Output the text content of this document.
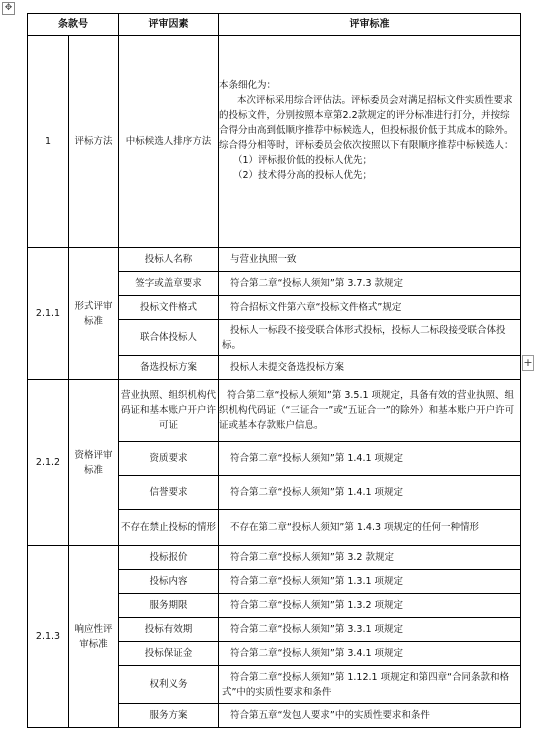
✥
+
条款号		评审因素	评审标准
1	评标方法	中标候选人排序方法	本条细化为：
本次评标采用综合评估法。评标委员会对满足招标文件实质性要求的投标文件，分别按照本章第2.2款规定的评分标准进行打分，并按综合得分由高到低顺序推荐中标候选人，但投标报价低于其成本的除外。综合得分相等时，评标委员会依次按照以下有限顺序推荐中标候选人：
（1）评标报价低的投标人优先；
（2）技术得分高的投标人优先；

2.1.1	形式评审标准	投标人名称	与营业执照一致
		签字或盖章要求	符合第二章“投标人须知”第 3.7.3 款规定
		投标文件格式	符合招标文件第六章“投标文件格式”规定
		联合体投标人	投标人一标段不接受联合体形式投标，投标人二标段接受联合体投标。
		备选投标方案	投标人未提交备选投标方案
2.1.2	资格评审标准	营业执照、组织机构代码证和基本账户开户许可证	符合第二章“投标人须知”第 3.5.1 项规定，具备有效的营业执照、组织机构代码证（“三证合一”或“五证合一”的除外）和基本账户开户许可证或基本存款账户信息。
		资质要求	符合第二章“投标人须知”第 1.4.1 项规定
		信誉要求	符合第二章“投标人须知”第 1.4.1 项规定
		不存在禁止投标的情形	不存在第二章“投标人须知”第 1.4.3 项规定的任何一种情形
2.1.3	响应性评审标准	投标报价	符合第二章“投标人须知”第 3.2 款规定
		投标内容	符合第二章“投标人须知”第 1.3.1 项规定
		服务期限	符合第二章“投标人须知”第 1.3.2 项规定
		投标有效期	符合第二章“投标人须知”第 3.3.1 项规定
		投标保证金	符合第二章“投标人须知”第 3.4.1 项规定
		权利义务	符合第二章“投标人须知”第 1.12.1 项规定和第四章“合同条款和格式”中的实质性要求和条件
		服务方案	符合第五章“发包人要求”中的实质性要求和条件
